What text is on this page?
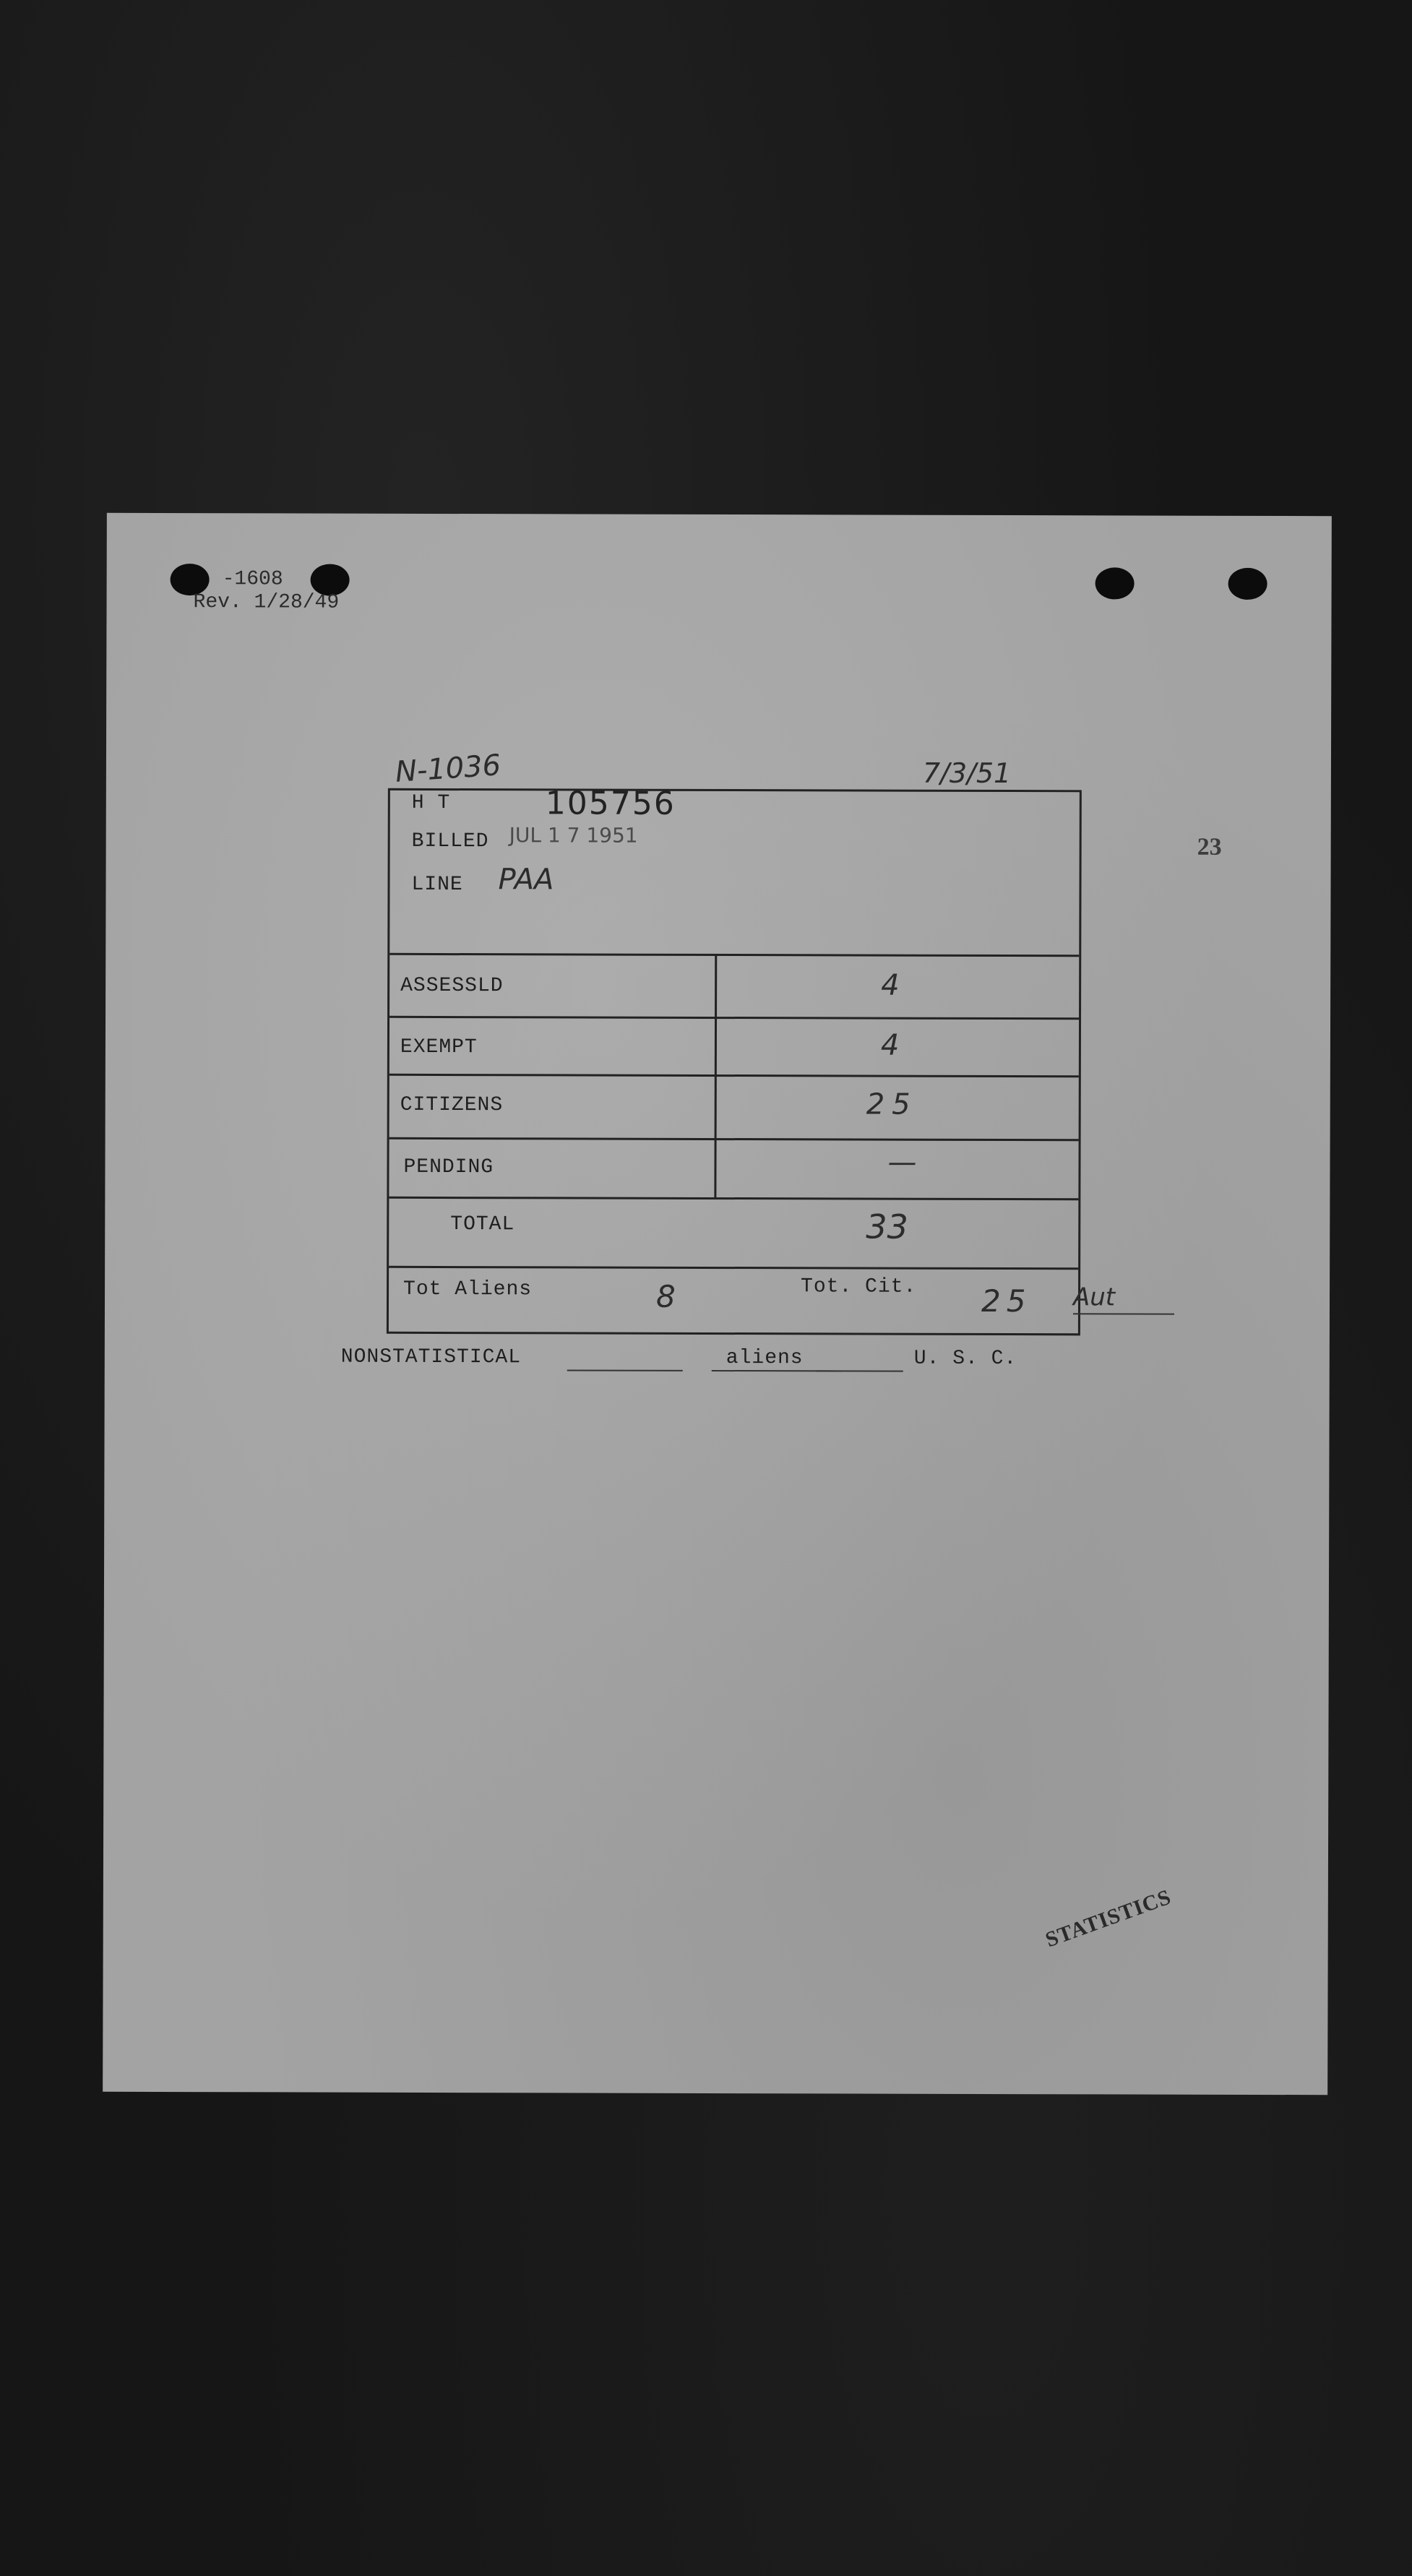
-1608
Rev. 1/28/49
N-1036	7/3/51
H T	105756
BILLED JUL 1 7 1951
LINE PAA
ASSESSLD	4
EXEMPT	4
CITIZENS	25
PENDING	—
TOTAL	33
Tot Aliens	8	Tot. Cit. 25 Aut
NONSTATISTICAL	aliens	U. S. C.
23
STATISTICS
